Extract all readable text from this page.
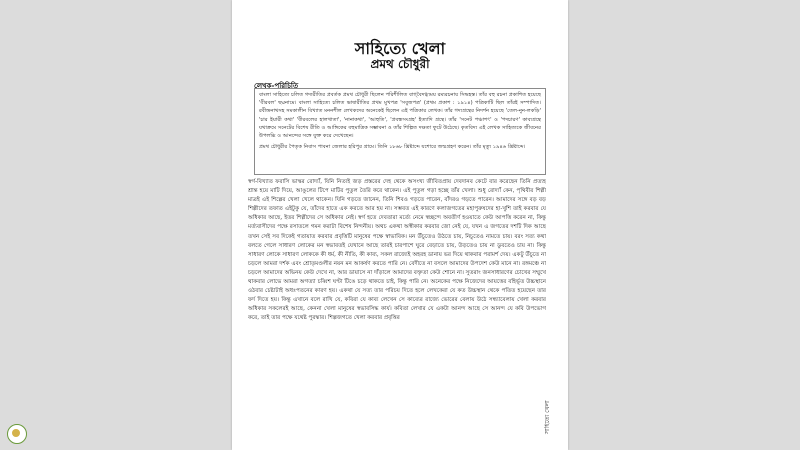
সাহিত্যে খেলা
প্রমথ চৌধুরী
লেখক-পরিচিতি
বাংলা সাহিত্যে চলিত গদ্যরীতির প্রবর্তক প্রমথ চৌধুরী ছিলেন পরিশীলিত বাগ্‌বৈদগ্ধ্যময় রম্যরচনায় সিদ্ধহস্ত। তাঁর বহু রচনা প্রকাশিত হয়েছে 'বীরবল' ছদ্মনামে। বাংলা সাহিত্যে চলিত ভাষারীতির প্রথম মুখপত্র 'সবুজপত্র' (প্রথম প্রকাশ : ১৯১৪) পত্রিকাটি ছিল তাঁরই সম্পাদিত। রবীন্দ্রনাথসহ সমকালীন বিখ্যাত মননশীল লেখকদের অনেকেই ছিলেন এই পত্রিকার লেখক। তাঁর গদ্যগ্রন্থের নিদর্শন হয়েছে 'তেল-নুন-লকড়ি' 'চার ইয়ারী কথা' 'বীরবলের হালখাতা', 'নানাকথা', 'আহুতি', 'প্রবন্ধসংগ্রহ' ইত্যাদি গ্রন্থে। তাঁর 'সনেট পঞ্চাশৎ' ও 'পদচারণ' কাব্যগ্রন্থে যথাক্রমে সনেটের বিশেষ রীতি ও আঙ্গিকের বহুমাত্রিক সম্ভাবনা ও তাঁর শিল্পিত দক্ষতা ফুটে উঠেছে। কৃতবিদ্য এই লেখক সাহিত্যকে জীবনের উপলব্ধি ও আনন্দের সঙ্গে যুক্ত করে দেখেছেন।
প্রমথ চৌধুরীর পৈতৃক নিবাস পাবনা জেলার হরিপুর গ্রামে। তিনি ১৮৬৮ খ্রিষ্টাব্দে যশোরে জন্মগ্রহণ করেন। তাঁর মৃত্যু ১৯৪৬ খ্রিষ্টাব্দে।
স্বর্গ-বিখ্যাত ফরাসি ভাস্কর রোদ্যাঁ, যিনি নিত্যই জড় প্রস্তরের দেহ থেকে অসংখ্য জীবিতপ্রায় দেবদানব কেটে বার করেছেন তিনি প্রত্যহ শ্রান্ত হয়ে মাটি দিয়ে, আঙুলের টিপে মাটির পুতুল তৈরি করে থাকেন। এই পুতুল গড়া হচ্ছে তাঁর খেলা। শুধু রোদ্যাঁ কেন, পৃথিবীর শিল্পী মাত্রই এই শিল্পের খেলা খেলে থাকেন। যিনি গড়তে জানেন, তিনি শিবও গড়তে পারেন, বাঁদরও গড়তে পারেন। আমাদের সঙ্গে বড় বড় শিল্পীদের তফাত এইটুকু যে, তাঁদের হাতে এক করতে আর হয় না। সম্ভবত এই কারণে কলাজগতের মহাপুরুষদের হা-খুশি তাই করবার যে অধিকার আছে, ইতর শিল্পীদের সে অধিকার নেই। স্বর্গ হতে দেবতারা মর্ত্যে নেমে স্বচ্ছন্দে অবতীর্ণ হওয়াতে কেউ আপত্তি করেন না, কিন্তু মর্ত্যবাসীদের পক্ষে রসাতলে গমন করাটা বিশেষ নিন্দনীয়। অথচ একথা অস্বীকার করবার জো নেই যে, যখন এ জগতের দশটি দিক আছে তখন সেই সব দিকেই গতায়াত করবার প্রবৃত্তিটি মানুষের পক্ষে স্বাভাবিক। মন উঁচুতেও উঠতে চায়, নিচুতেও নামতে চায়। বরং সত্য কথা বলতে গেলে সাধারণ লোকের মন স্বভাবতই যেখানে আছে তারই চারপাশে ঘুরে বেড়াতে চায়, উড়তেও চায় না ডুবতেও চায় না। কিন্তু সাধারণ লোকে সাধারণ লোককে কী ধর্ম, কী নীতি, কী কাব্য, সকল রাজ্যেই অহরহ ডানায় ভর দিয়ে থাকবার পরামর্শ দেয়। একটু উঁচুতে না চড়লে আমরা দর্শক এবং শ্রোতৃমণ্ডলীর নয়ন মন আকর্ষণ করতে পারি নে। বেদীতে না বসলে আমাদের উপদেশ কেউ মানে না। রঙ্গমঞ্চে না চড়লে আমাদের অভিনয় কেউ দেখে না, আর ডায়াসে না দাঁড়ালে আমাদের বক্তৃতা কেউ শোনে না। সুতরাং জনসাধারণের চোখের সম্মুখে থাকবার লোভে আমরা অগত্যা চব্বিশ ঘণ্টা টিঙে চড়ে থাকতে চাই, কিন্তু পারি নে। অনেকের পক্ষে নিজেদের আয়ত্তের বহির্ভূত উচ্চস্থানে ওঠবার চেষ্টাটাই অধঃপতনের কারণ হয়। একথা যে সত্য তার পরিচয় দিতে হলে লেখকেরা যে কত উচ্চস্থান থেকে পতিত হয়েছেন তার ফর্দ দিতে হয়। কিন্তু এখানে বলে রাখি যে, কবিরা যে কাব্য লেখেন সে কাব্যের রাজ্যে ভোরের বেলায় উঠে সন্ধ্যাবেলায় খেলা করবার অধিকার সকলেরই আছে, কেননা খেলা মানুষের স্বভাবসিদ্ধ কার্য। কবিতা লেখার যে একটা আনন্দ আছে সে আনন্দ যে কবি উপভোগ করে, তাই তার পক্ষে যথেষ্ট পুরস্কার। শিল্পজগতে খেলা করবার প্রবৃত্তির
সাহিত্যে খেলা
